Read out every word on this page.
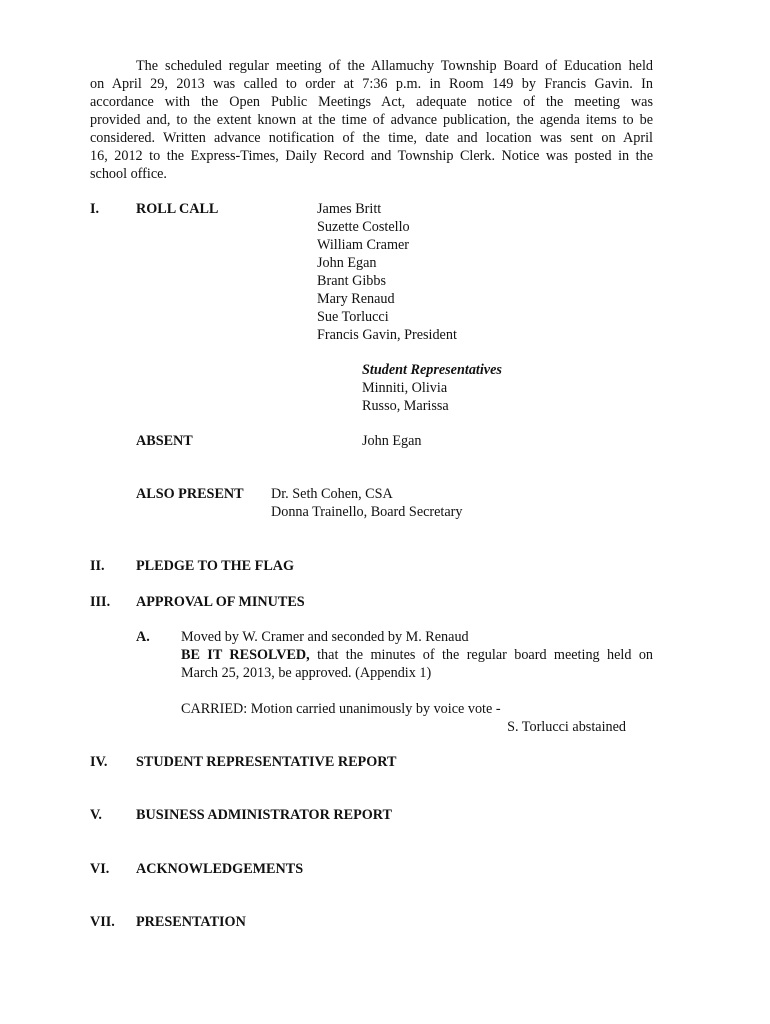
The scheduled regular meeting of the Allamuchy Township Board of Education held
on April 29, 2013 was called to order at 7:36 p.m. in Room 149 by Francis Gavin. In
accordance with the Open Public Meetings Act, adequate notice of the meeting was
provided and, to the extent known at the time of advance publication, the agenda items to be
considered. Written advance notification of the time, date and location was sent on April
16, 2012 to the Express-Times, Daily Record and Township Clerk. Notice was posted in the
school office.
I.	ROLL CALL	James Britt
Suzette Costello
William Cramer
John Egan
Brant Gibbs
Mary Renaud
Sue Torlucci
Francis Gavin, President
Student Representatives
Minniti, Olivia
Russo, Marissa
ABSENT	John Egan
ALSO PRESENT Dr. Seth Cohen, CSA
Donna Trainello, Board Secretary
II. PLEDGE TO THE FLAG
III. APPROVAL OF MINUTES
A. Moved by W. Cramer and seconded by M. Renaud
BE IT RESOLVED, that the minutes of the regular board meeting held on
March 25, 2013, be approved. (Appendix 1)
CARRIED: Motion carried unanimously by voice vote -
S. Torlucci abstained
IV. STUDENT REPRESENTATIVE REPORT
V. BUSINESS ADMINISTRATOR REPORT
VI. ACKNOWLEDGEMENTS
VII. PRESENTATION
